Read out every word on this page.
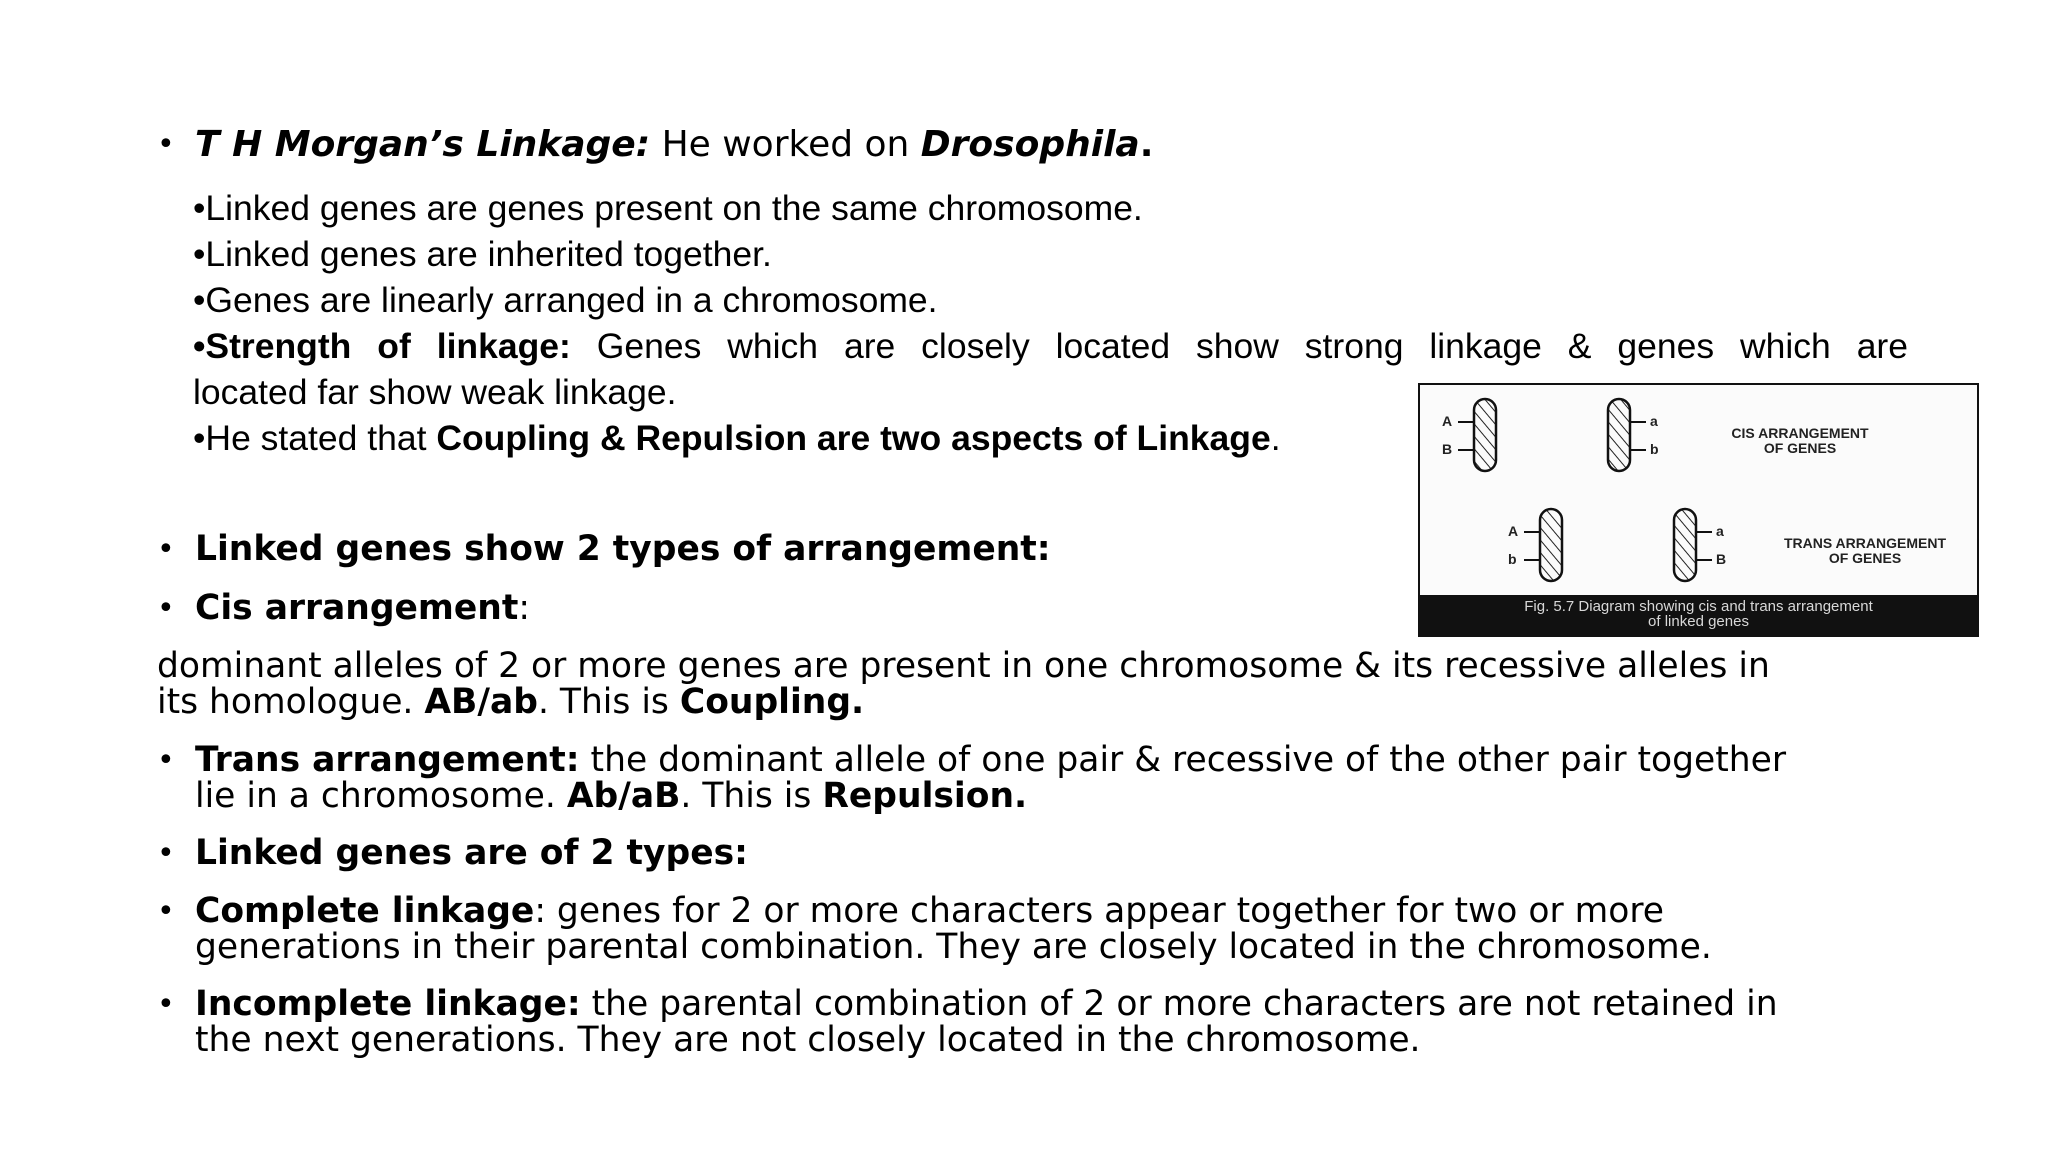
• T H Morgan’s Linkage: He worked on Drosophila.
•Linked genes are genes present on the same chromosome.
•Linked genes are inherited together.
•Genes are linearly arranged in a chromosome.
•Strength of linkage: Genes which are closely located show strong linkage & genes which are
located far show weak linkage.
•He stated that Coupling & Repulsion are two aspects of Linkage.
• Linked genes show 2 types of arrangement:
• Cis arrangement:
dominant alleles of 2 or more genes are present in one chromosome & its recessive alleles in
its homologue. AB/ab. This is Coupling.
• Trans arrangement: the dominant allele of one pair & recessive of the other pair together
lie in a chromosome. Ab/aB. This is Repulsion.
• Linked genes are of 2 types:
• Complete linkage: genes for 2 or more characters appear together for two or more
generations in their parental combination. They are closely located in the chromosome.
• Incomplete linkage: the parental combination of 2 or more characters are not retained in
the next generations. They are not closely located in the chromosome.
A
B
a
b
A
b
a
B
CIS ARRANGEMENT
OF GENES
TRANS ARRANGEMENT
OF GENES
Fig. 5.7 Diagram showing cis and trans arrangement
of linked genes
